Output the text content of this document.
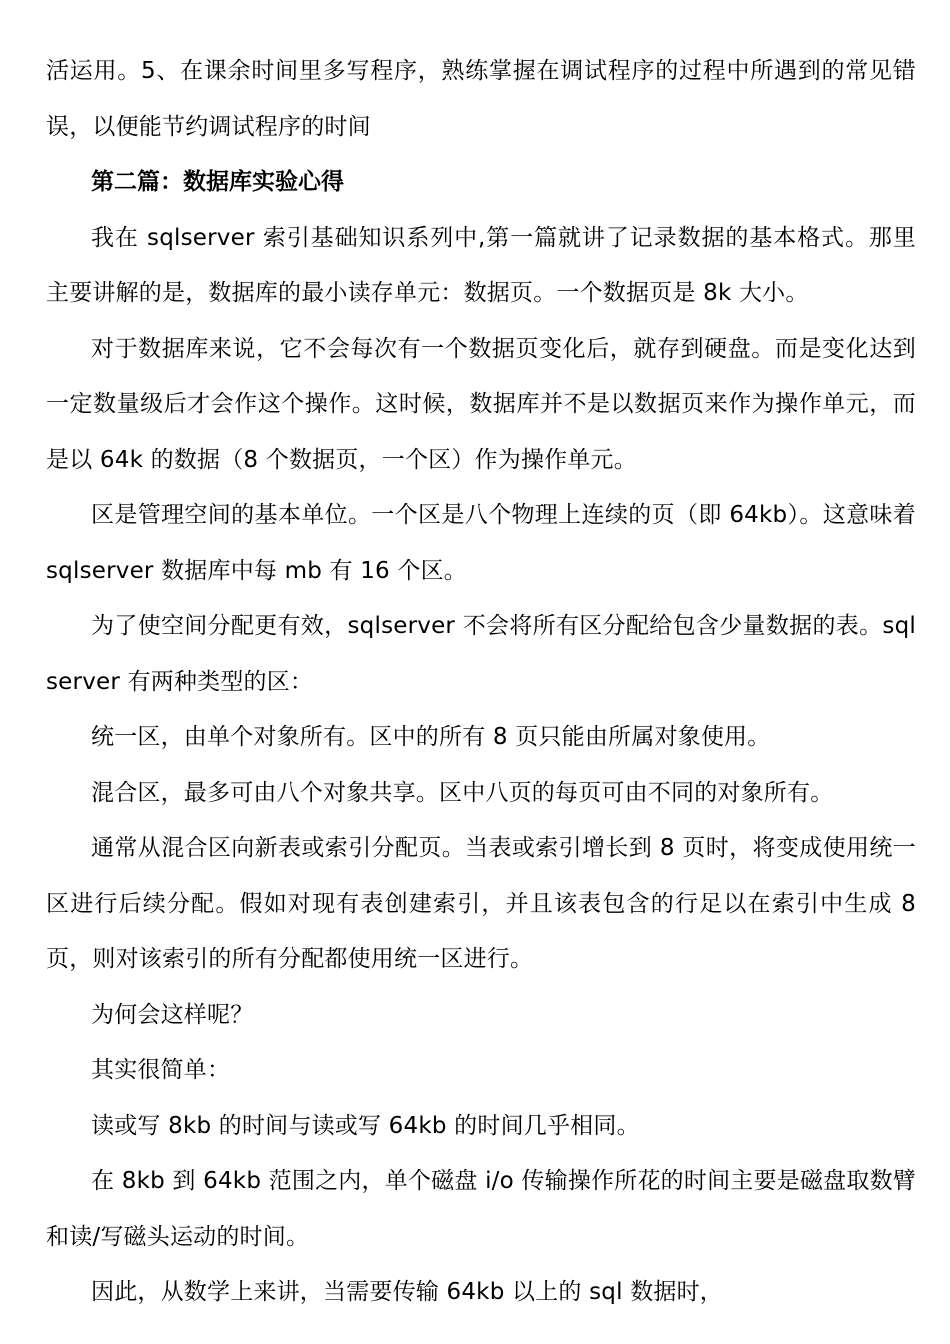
活运用。5、在课余时间里多写程序，熟练掌握在调试程序的过程中所遇到的常见错误，以便能节约调试程序的时间

第二篇：数据库实验心得

我在 sqlserver 索引基础知识系列中,第一篇就讲了记录数据的基本格式。那里主要讲解的是，数据库的最小读存单元：数据页。一个数据页是 8k 大小。

对于数据库来说，它不会每次有一个数据页变化后，就存到硬盘。而是变化达到一定数量级后才会作这个操作。这时候，数据库并不是以数据页来作为操作单元，而是以 64k 的数据（8 个数据页，一个区）作为操作单元。

区是管理空间的基本单位。一个区是八个物理上连续的页（即 64kb）。这意味着 sqlserver 数据库中每 mb 有 16 个区。

为了使空间分配更有效，sqlserver 不会将所有区分配给包含少量数据的表。sqlserver 有两种类型的区：

统一区，由单个对象所有。区中的所有 8 页只能由所属对象使用。

混合区，最多可由八个对象共享。区中八页的每页可由不同的对象所有。

通常从混合区向新表或索引分配页。当表或索引增长到 8 页时，将变成使用统一区进行后续分配。假如对现有表创建索引，并且该表包含的行足以在索引中生成 8 页，则对该索引的所有分配都使用统一区进行。

为何会这样呢？

其实很简单：

读或写 8kb 的时间与读或写 64kb 的时间几乎相同。

在 8kb 到 64kb 范围之内，单个磁盘 i/o 传输操作所花的时间主要是磁盘取数臂和读/写磁头运动的时间。

因此，从数学上来讲，当需要传输 64kb 以上的 sql 数据时，
